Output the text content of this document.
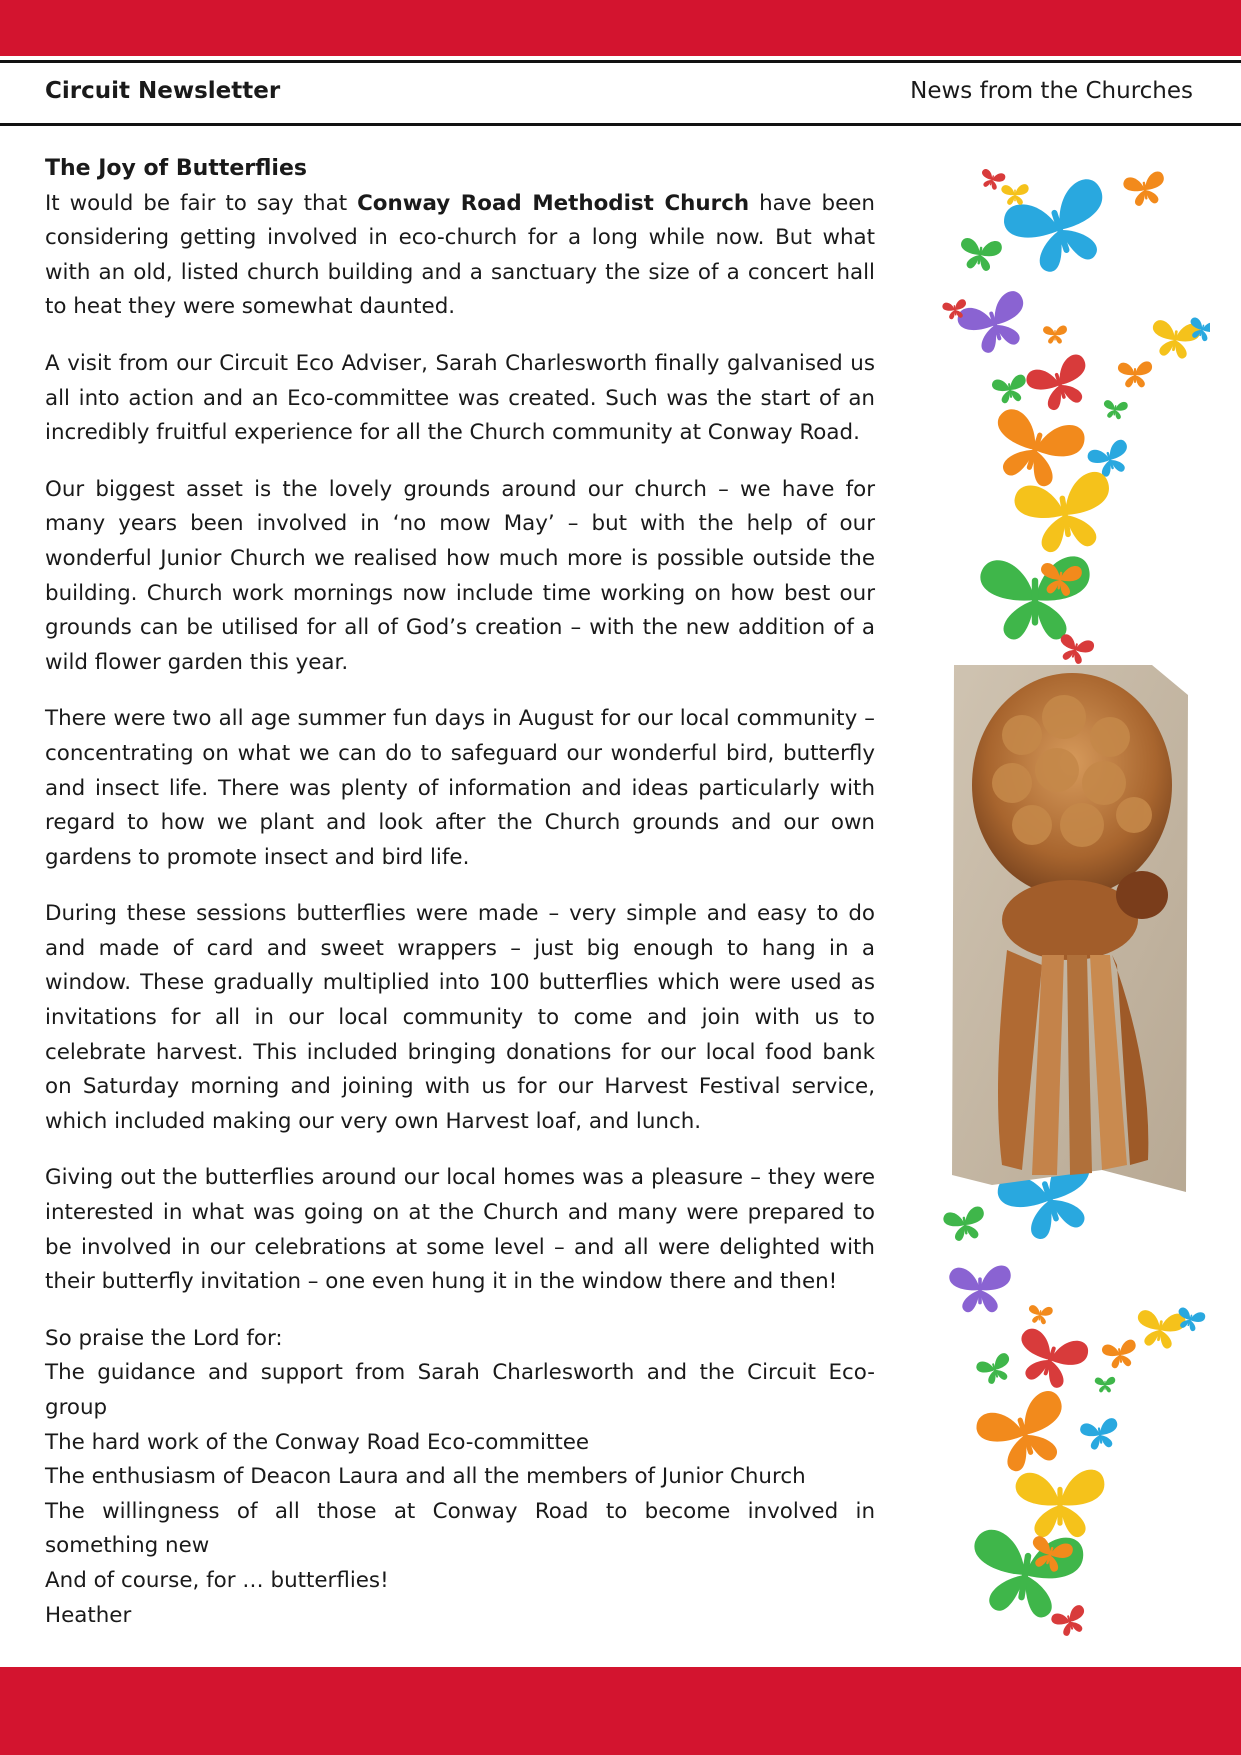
Circuit Newsletter	News from the Churches
The Joy of Butterflies

It would be fair to say that Conway Road Methodist Church have been considering getting involved in eco-church for a long while now. But what with an old, listed church building and a sanctuary the size of a concert hall to heat they were somewhat daunted.

A visit from our Circuit Eco Adviser, Sarah Charlesworth finally galvanised us all into action and an Eco-committee was created. Such was the start of an incredibly fruitful experience for all the Church community at Conway Road.

Our biggest asset is the lovely grounds around our church – we have for many years been involved in ‘no mow May’ – but with the help of our wonderful Junior Church we realised how much more is possible outside the building. Church work mornings now include time working on how best our grounds can be utilised for all of God’s creation – with the new addition of a wild flower garden this year.

There were two all age summer fun days in August for our local community – concentrating on what we can do to safeguard our wonderful bird, butterfly and insect life. There was plenty of information and ideas particularly with regard to how we plant and look after the Church grounds and our own gardens to promote insect and bird life.

During these sessions butterflies were made – very simple and easy to do and made of card and sweet wrappers – just big enough to hang in a window. These gradually multiplied into 100 butterflies which were used as invitations for all in our local community to come and join with us to celebrate harvest. This included bringing donations for our local food bank on Saturday morning and joining with us for our Harvest Festival service, which included making our very own Harvest loaf, and lunch.

Giving out the butterflies around our local homes was a pleasure – they were interested in what was going on at the Church and many were prepared to be involved in our celebrations at some level – and all were delighted with their butterfly invitation – one even hung it in the window there and then!

So praise the Lord for:
The guidance and support from Sarah Charlesworth and the Circuit Eco-group
The hard work of the Conway Road Eco-committee
The enthusiasm of Deacon Laura and all the members of Junior Church
The willingness of all those at Conway Road to become involved in something new
And of course, for … butterflies!
Heather
